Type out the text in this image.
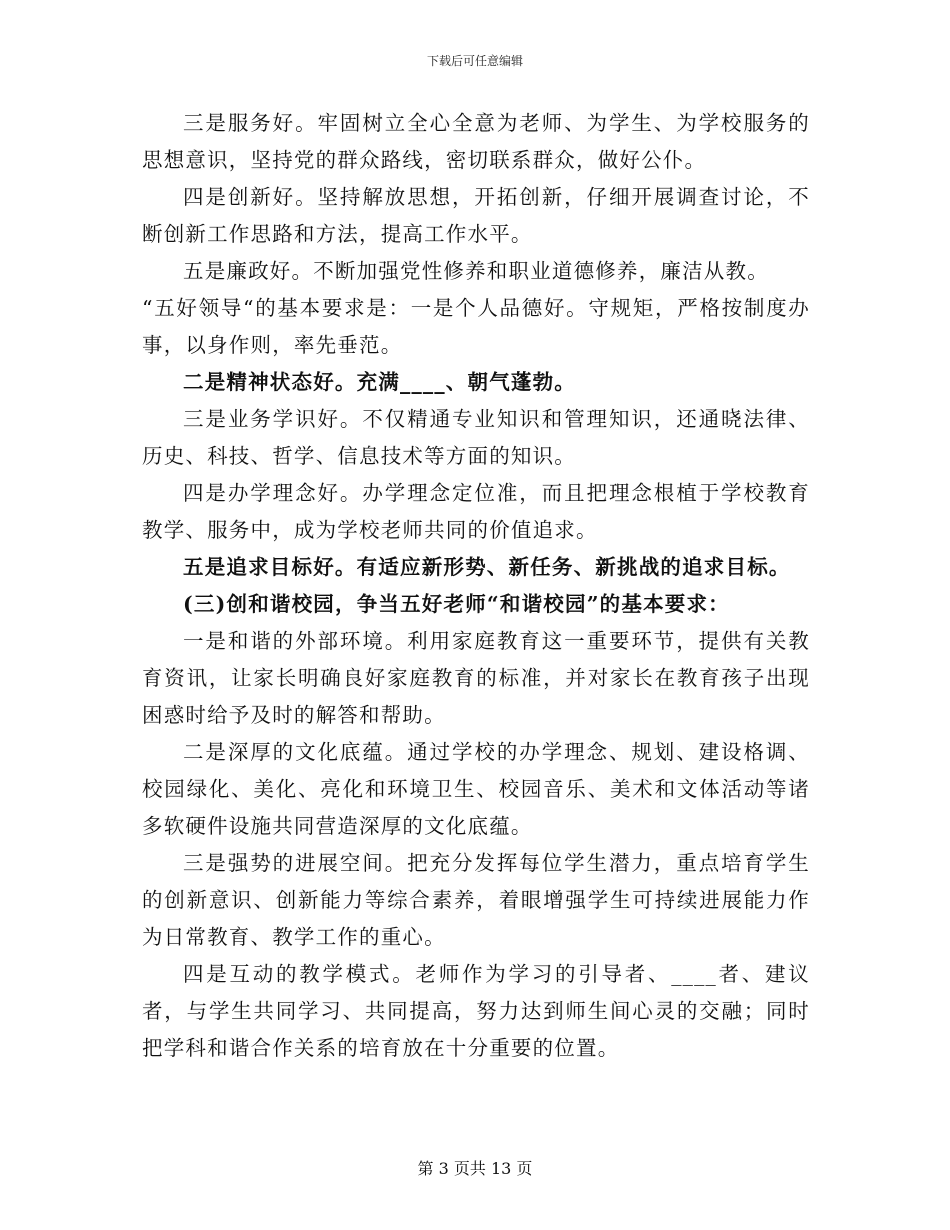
下载后可任意编辑

三是服务好。牢固树立全心全意为老师、为学生、为学校服务的思想意识，坚持党的群众路线，密切联系群众，做好公仆。

四是创新好。坚持解放思想，开拓创新，仔细开展调查讨论，不断创新工作思路和方法，提高工作水平。

五是廉政好。不断加强党性修养和职业道德修养，廉洁从教。

“五好领导“的基本要求是：一是个人品德好。守规矩，严格按制度办事，以身作则，率先垂范。

二是精神状态好。充满____、朝气蓬勃。

三是业务学识好。不仅精通专业知识和管理知识，还通晓法律、历史、科技、哲学、信息技术等方面的知识。

四是办学理念好。办学理念定位准，而且把理念根植于学校教育教学、服务中，成为学校老师共同的价值追求。

五是追求目标好。有适应新形势、新任务、新挑战的追求目标。

(三)创和谐校园，争当五好老师“和谐校园”的基本要求：

一是和谐的外部环境。利用家庭教育这一重要环节，提供有关教育资讯，让家长明确良好家庭教育的标准，并对家长在教育孩子出现困惑时给予及时的解答和帮助。

二是深厚的文化底蕴。通过学校的办学理念、规划、建设格调、校园绿化、美化、亮化和环境卫生、校园音乐、美术和文体活动等诸多软硬件设施共同营造深厚的文化底蕴。

三是强势的进展空间。把充分发挥每位学生潜力，重点培育学生的创新意识、创新能力等综合素养，着眼增强学生可持续进展能力作为日常教育、教学工作的重心。

四是互动的教学模式。老师作为学习的引导者、____者、建议者，与学生共同学习、共同提高，努力达到师生间心灵的交融；同时把学科和谐合作关系的培育放在十分重要的位置。

第 3 页共 13 页
